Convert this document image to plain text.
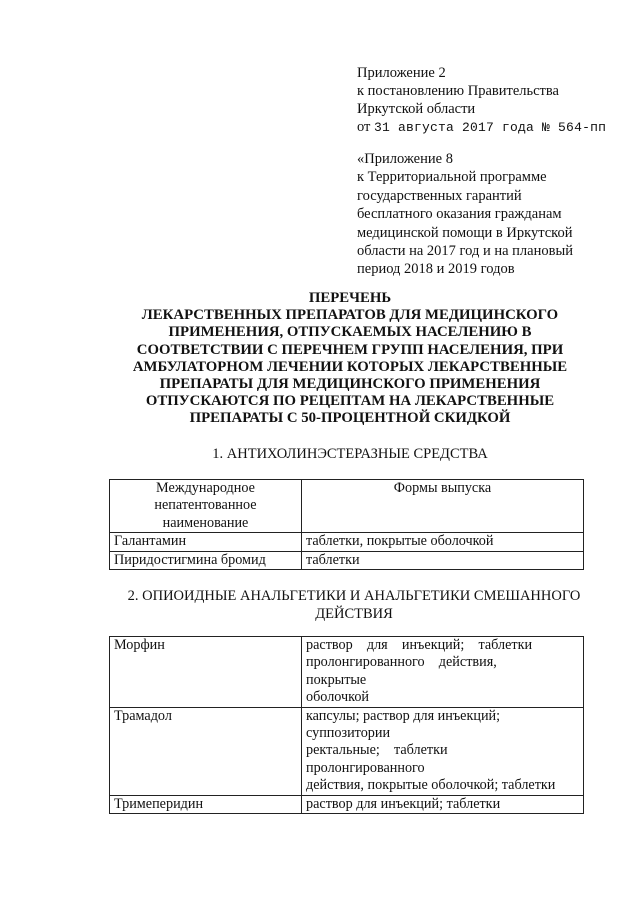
Приложение 2
к постановлению Правительства
Иркутской области
от 31 августа 2017 года № 564-пп
«Приложение 8
к Территориальной программе
государственных гарантий
бесплатного оказания гражданам
медицинской помощи в Иркутской
области на 2017 год и на плановый
период 2018 и 2019 годов
ПЕРЕЧЕНЬ
ЛЕКАРСТВЕННЫХ ПРЕПАРАТОВ ДЛЯ МЕДИЦИНСКОГО
ПРИМЕНЕНИЯ, ОТПУСКАЕМЫХ НАСЕЛЕНИЮ В
СООТВЕТСТВИИ С ПЕРЕЧНЕМ ГРУПП НАСЕЛЕНИЯ, ПРИ
АМБУЛАТОРНОМ ЛЕЧЕНИИ КОТОРЫХ ЛЕКАРСТВЕННЫЕ
ПРЕПАРАТЫ ДЛЯ МЕДИЦИНСКОГО ПРИМЕНЕНИЯ
ОТПУСКАЮТСЯ ПО РЕЦЕПТАМ НА ЛЕКАРСТВЕННЫЕ
ПРЕПАРАТЫ С 50-ПРОЦЕНТНОЙ СКИДКОЙ
1. АНТИХОЛИНЭСТЕРАЗНЫЕ СРЕДСТВА
Международное
непатентованное
наименование	Формы выпуска
Галантамин	таблетки, покрытые оболочкой
Пиридостигмина бромид	таблетки
2. ОПИОИДНЫЕ АНАЛЬГЕТИКИ И АНАЛЬГЕТИКИ СМЕШАННОГО
ДЕЙСТВИЯ
Морфин	раствор    для    инъекций;    таблетки
пролонгированного    действия,
покрытые
оболочкой

Трамадол	капсулы; раствор для инъекций;
суппозитории
ректальные;    таблетки
пролонгированного
действия, покрытые оболочкой; таблетки

Тримеперидин	раствор для инъекций; таблетки
